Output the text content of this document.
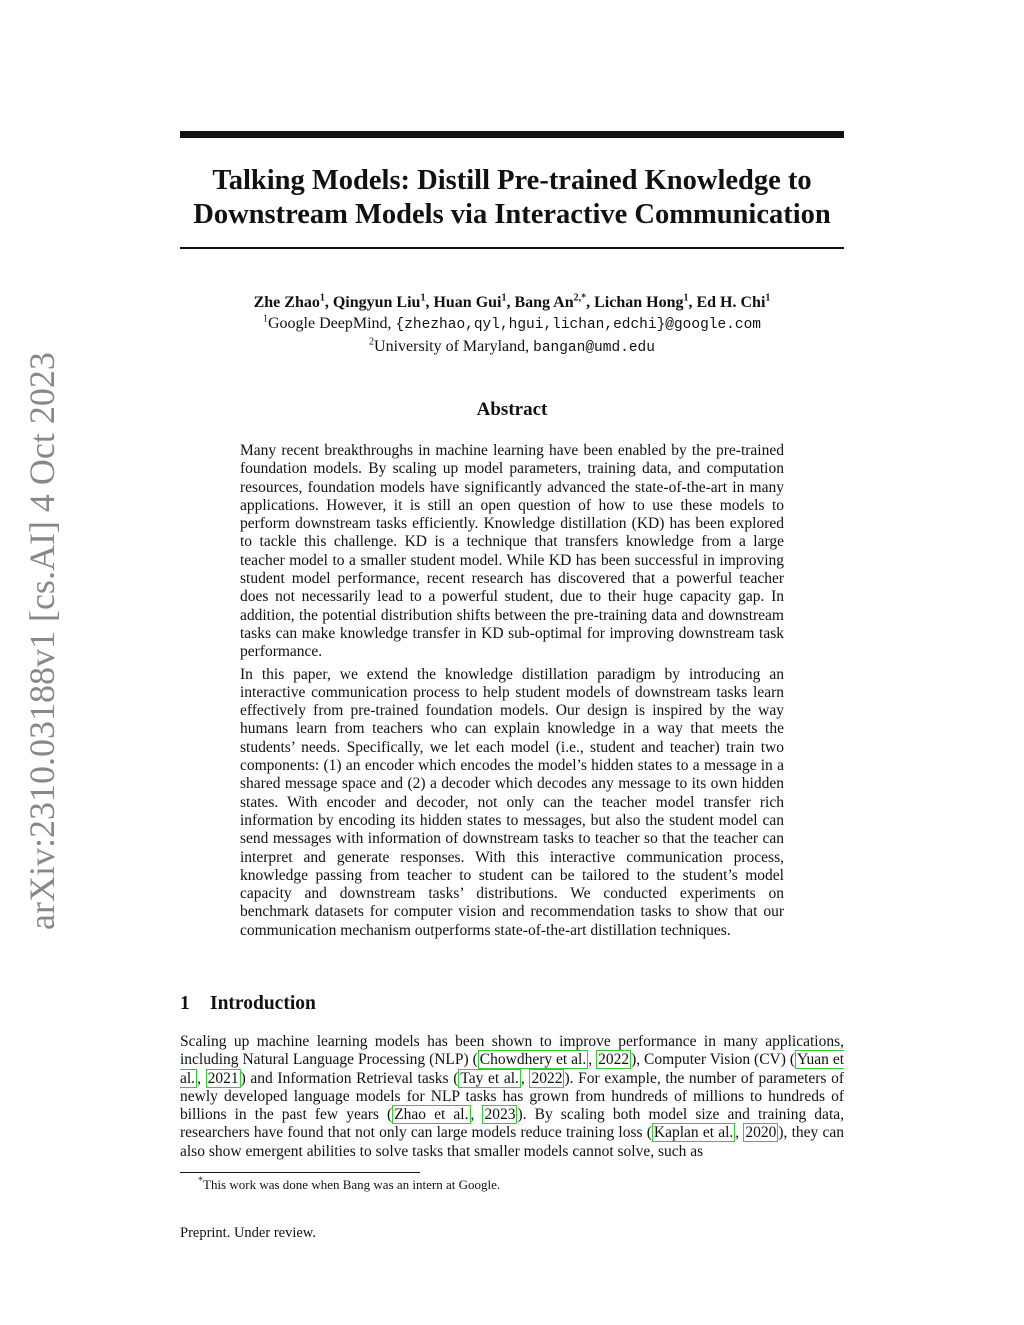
arXiv:2310.03188v1 [cs.AI] 4 Oct 2023
Talking Models: Distill Pre-trained Knowledge to
Downstream Models via Interactive Communication
Zhe Zhao$^1$, Qingyun Liu$^1$, Huan Gui$^1$, Bang $An^{2,*}$, Lichan Hong$^1$, Ed H. Chi$^1$
$^1$Google DeepMind, {zhezhao,qyl,hgui,lichan,edchi}@google.com
$^2$University of Maryland, bangan@umd.edu
Abstract

Many recent breakthroughs in machine learning have been enabled by the pre-trained foundation models. By scaling up model parameters, training data, and computation resources, foundation models have significantly advanced the state-of-the-art in many applications. However, it is still an open question of how to use these models to perform downstream tasks efficiently. Knowledge distillation (KD) has been explored to tackle this challenge. KD is a technique that transfers knowledge from a large teacher model to a smaller student model. While KD has been successful in improving student model performance, recent research has discovered that a powerful teacher does not necessarily lead to a powerful student, due to their huge capacity gap. In addition, the potential distribution shifts between the pre-training data and downstream tasks can make knowledge transfer in KD sub-optimal for improving downstream task performance.

In this paper, we extend the knowledge distillation paradigm by introducing an interactive communication process to help student models of downstream tasks learn effectively from pre-trained foundation models. Our design is inspired by the way humans learn from teachers who can explain knowledge in a way that meets the students’ needs. Specifically, we let each model (i.e., student and teacher) train two components: (1) an encoder which encodes the model’s hidden states to a message in a shared message space and (2) a decoder which decodes any message to its own hidden states. With encoder and decoder, not only can the teacher model transfer rich information by encoding its hidden states to messages, but also the student model can send messages with information of downstream tasks to teacher so that the teacher can interpret and generate responses. With this interactive communication process, knowledge passing from teacher to student can be tailored to the student’s model capacity and downstream tasks’ distributions. We conducted experiments on benchmark datasets for computer vision and recommendation tasks to show that our communication mechanism outperforms state-of-the-art distillation techniques.

1 Introduction

Scaling up machine learning models has been shown to improve performance in many applications, including Natural Language Processing (NLP) ( Chowdhery et al. , 2022 ), Computer Vision (CV) ( Yuan et al. , 2021 ) and Information Retrieval tasks ( Tay et al. , 2022 ). For example, the number of parameters of newly developed language models for NLP tasks has grown from hundreds of millions to hundreds of billions in the past few years ( Zhao et al. , 2023 ). By scaling both model size and training data, researchers have found that not only can large models reduce training loss ( Kaplan et al. , 2020 ), they can also show emergent abilities to solve tasks that smaller models cannot solve, such as

*This work was done when Bang was an intern at Google.
Preprint. Under review.
